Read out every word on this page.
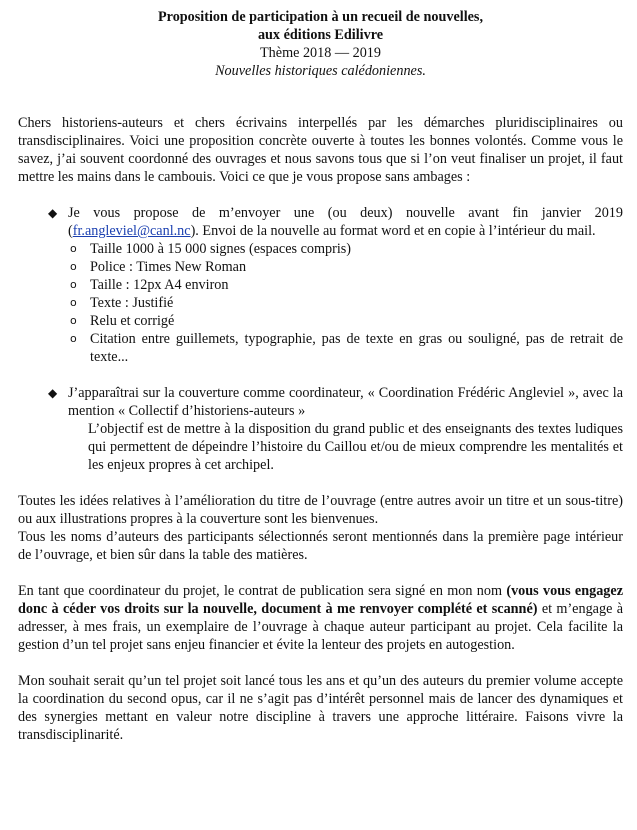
Proposition de participation à un recueil de nouvelles,
aux éditions Edilivre
Thème 2018 — 2019
Nouvelles historiques calédoniennes.

Chers historiens-auteurs et chers écrivains interpellés par les démarches pluridisciplinaires ou transdisciplinaires. Voici une proposition concrète ouverte à toutes les bonnes volontés. Comme vous le savez, j’ai souvent coordonné des ouvrages et nous savons tous que si l’on veut finaliser un projet, il faut mettre les mains dans le cambouis. Voici ce que je vous propose sans ambages :

◆ Je vous propose de m’envoyer une (ou deux) nouvelle avant fin janvier 2019 (fr.angleviel@canl.nc). Envoi de la nouvelle au format word et en copie à l’intérieur du mail.
o Taille 1000 à 15 000 signes (espaces compris)
o Police : Times New Roman
o Taille : 12px A4 environ
o Texte : Justifié
o Relu et corrigé
o Citation entre guillemets, typographie, pas de texte en gras ou souligné, pas de retrait de texte...
◆ J’apparaîtrai sur la couverture comme coordinateur, « Coordination Frédéric Angleviel », avec la mention « Collectif d’historiens-auteurs »
L’objectif est de mettre à la disposition du grand public et des enseignants des textes ludiques qui permettent de dépeindre l’histoire du Caillou et/ou de mieux comprendre les mentalités et les enjeux propres à cet archipel.

Toutes les idées relatives à l’amélioration du titre de l’ouvrage (entre autres avoir un titre et un sous-titre) ou aux illustrations propres à la couverture sont les bienvenues.

Tous les noms d’auteurs des participants sélectionnés seront mentionnés dans la première page intérieur de l’ouvrage, et bien sûr dans la table des matières.

En tant que coordinateur du projet, le contrat de publication sera signé en mon nom (vous vous engagez donc à céder vos droits sur la nouvelle, document à me renvoyer complété et scanné) et m’engage à adresser, à mes frais, un exemplaire de l’ouvrage à chaque auteur participant au projet. Cela facilite la gestion d’un tel projet sans enjeu financier et évite la lenteur des projets en autogestion.

Mon souhait serait qu’un tel projet soit lancé tous les ans et qu’un des auteurs du premier volume accepte la coordination du second opus, car il ne s’agit pas d’intérêt personnel mais de lancer des dynamiques et des synergies mettant en valeur notre discipline à travers une approche littéraire. Faisons vivre la transdisciplinarité.
